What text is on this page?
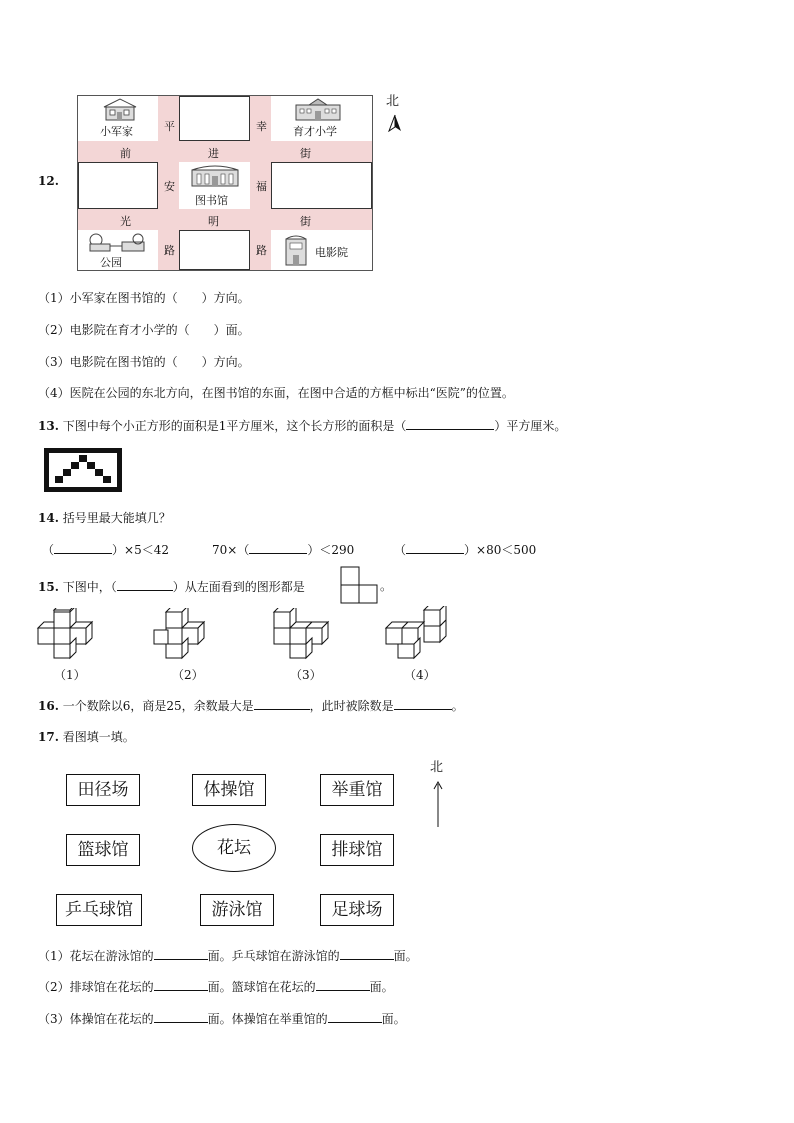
12.
小军家	育才小学
图书馆
公园
电影院
平	幸
前	进	街
安	福
光	明	街
路	路
北
（1）小军家在图书馆的（　　）方向。
（2）电影院在育才小学的（　　）面。
（3）电影院在图书馆的（　　）方向。
（4）医院在公园的东北方向，在图书馆的东面，在图中合适的方框中标出“医院”的位置。
13. 下图中每个小正方形的面积是1平方厘米，这个长方形的面积是（	）平方厘米。
14. 括号里最大能填几？
（	）×5＜42	70×（	）＜290	（	）×80＜500
15. 下图中，（	）从左面看到的图形都是	。
（1）	（2）	（3）	（4）
16. 一个数除以6，商是25，余数最大是	，此时被除数是	。
17. 看图填一填。
田径场	体操馆	举重馆
篮球馆	花坛	排球馆
乒乓球馆	游泳馆	足球场
北
（1）花坛在游泳馆的	面。乒乓球馆在游泳馆的	面。
（2）排球馆在花坛的	面。篮球馆在花坛的	面。
（3）体操馆在花坛的	面。体操馆在举重馆的	面。
